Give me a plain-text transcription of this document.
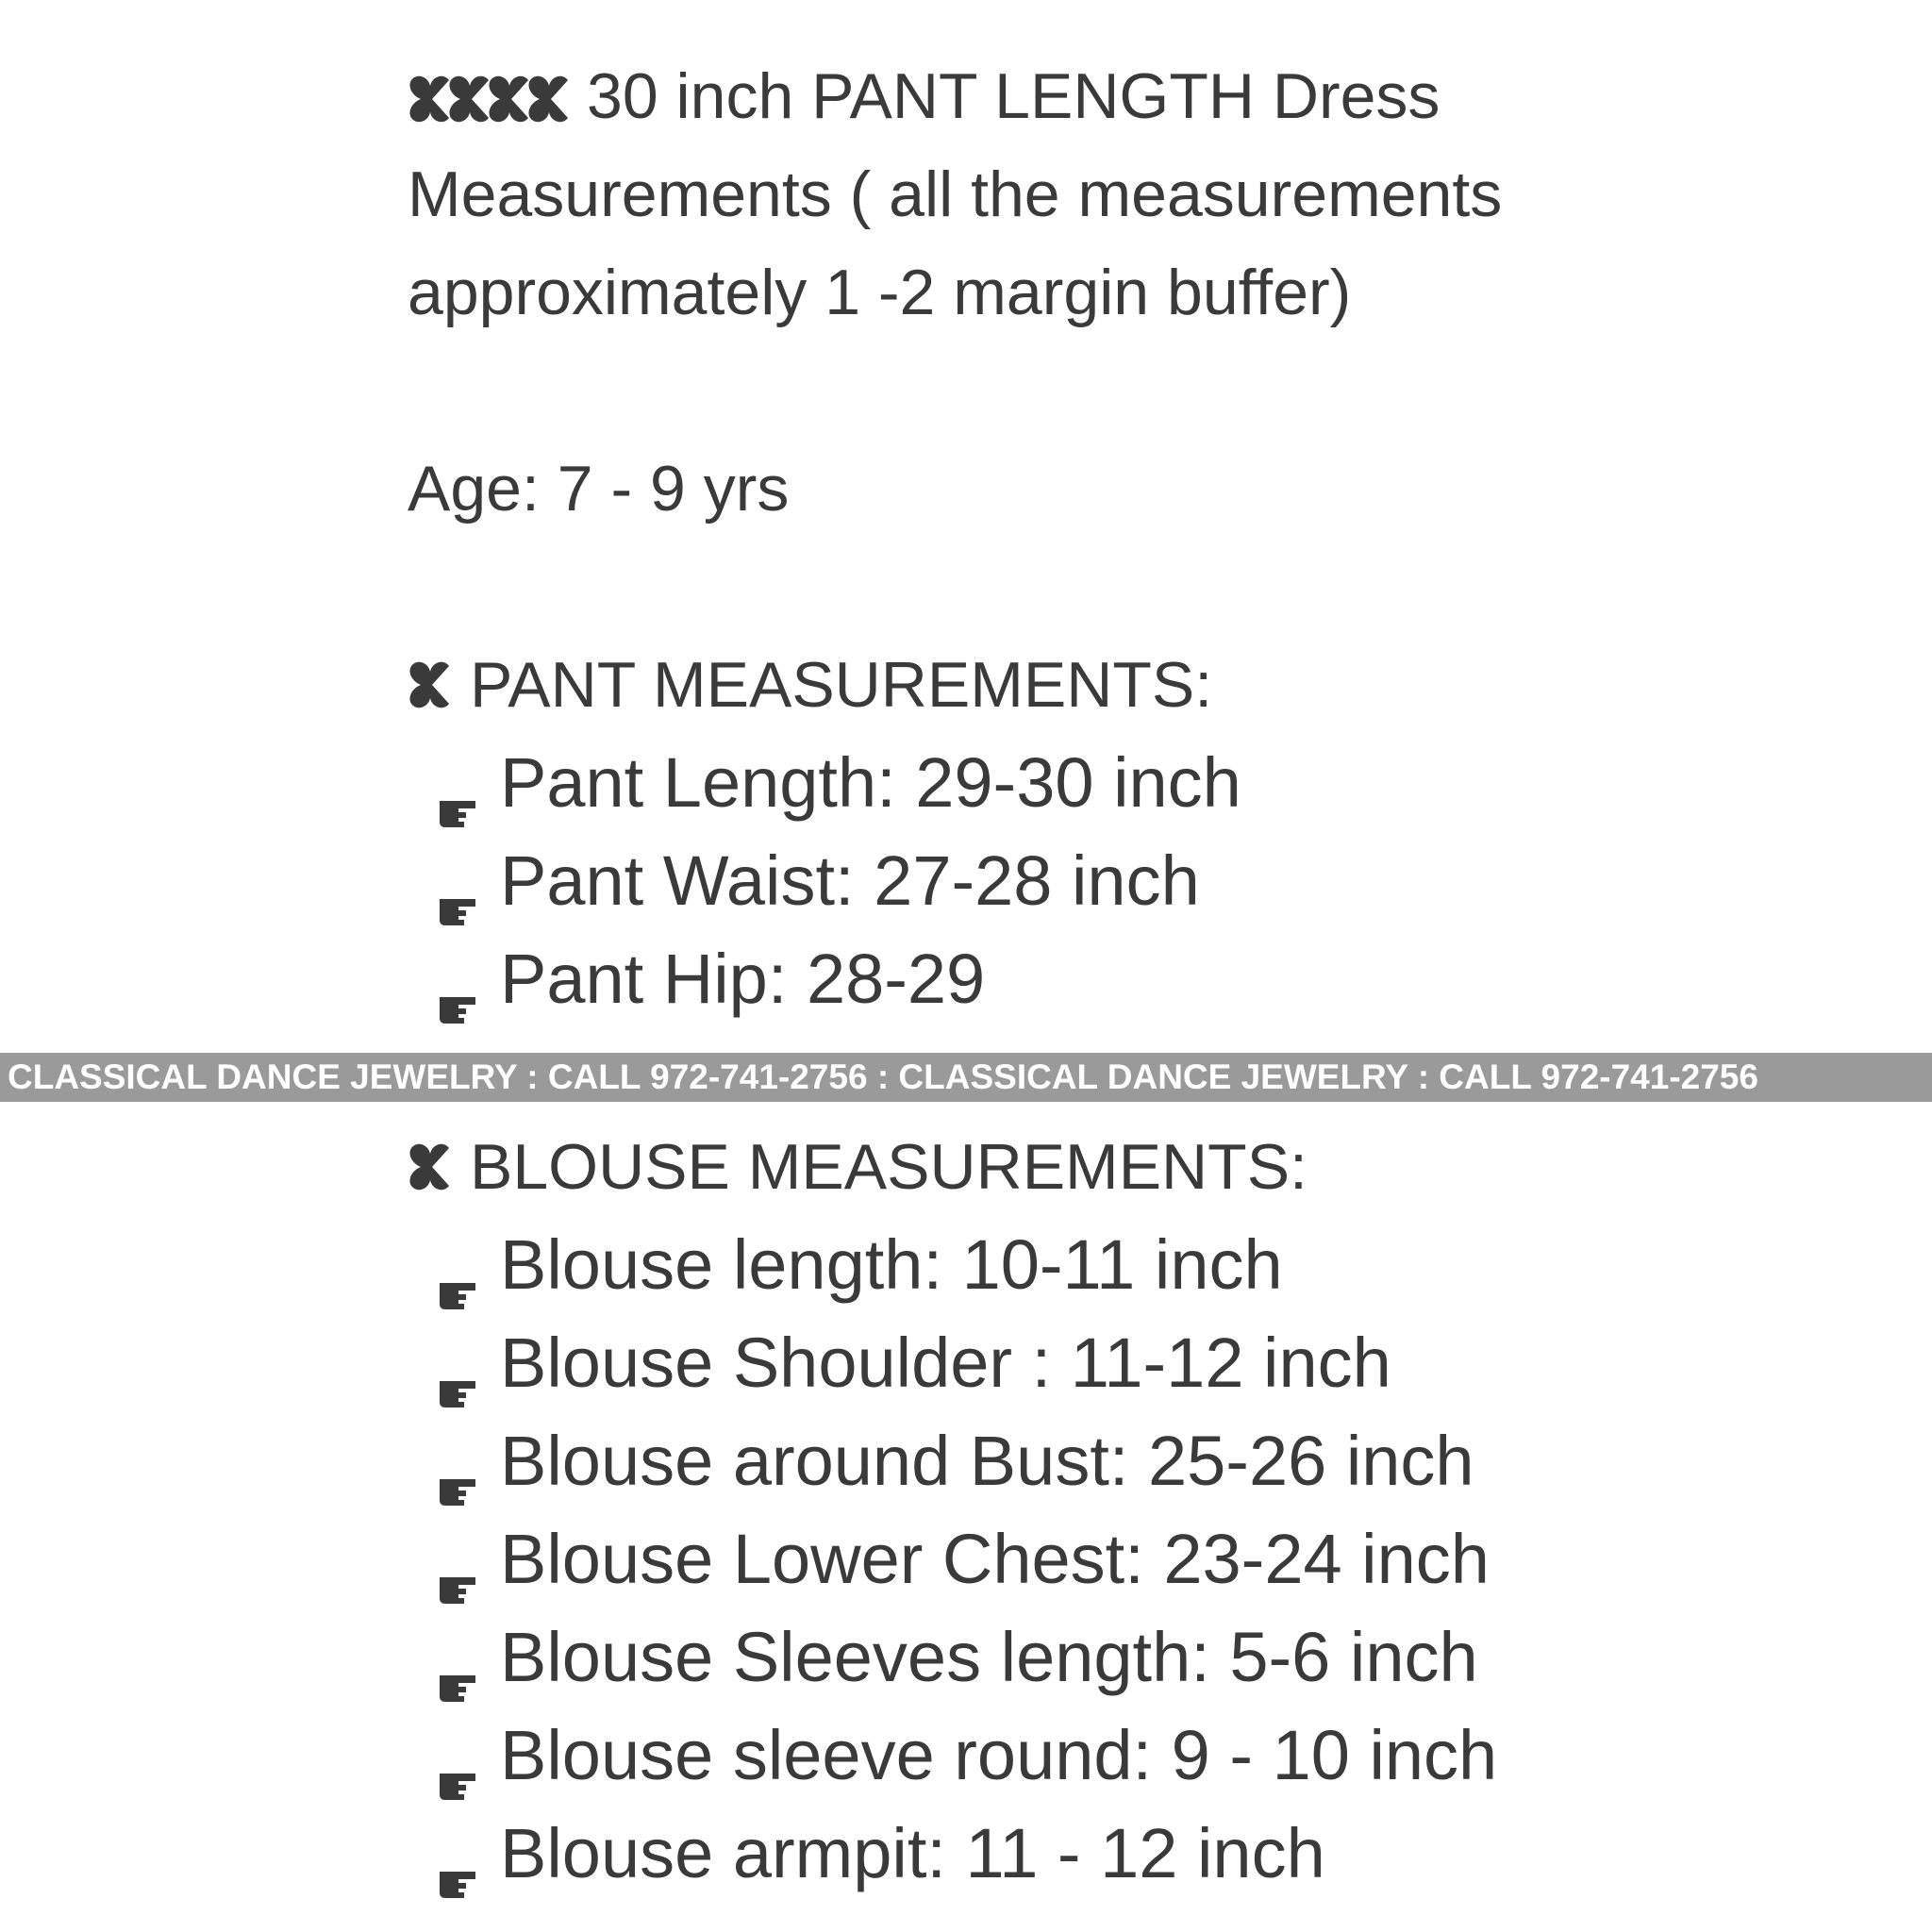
30 inch PANT LENGTH Dress Measurements ( all the measurements approximately 1 -2 margin buffer)

Age: 7 - 9 yrs

PANT MEASUREMENTS:
Pant Length: 29-30 inch
Pant Waist: 27-28 inch
Pant Hip: 28-29
CLASSICAL DANCE JEWELRY : CALL 972-741-2756 : CLASSICAL DANCE JEWELRY : CALL 972-741-2756
BLOUSE MEASUREMENTS:
Blouse length: 10-11 inch
Blouse Shoulder : 11-12 inch
Blouse around Bust: 25-26 inch
Blouse Lower Chest: 23-24 inch
Blouse Sleeves length: 5-6 inch
Blouse sleeve round: 9 - 10 inch
Blouse armpit: 11 - 12 inch
